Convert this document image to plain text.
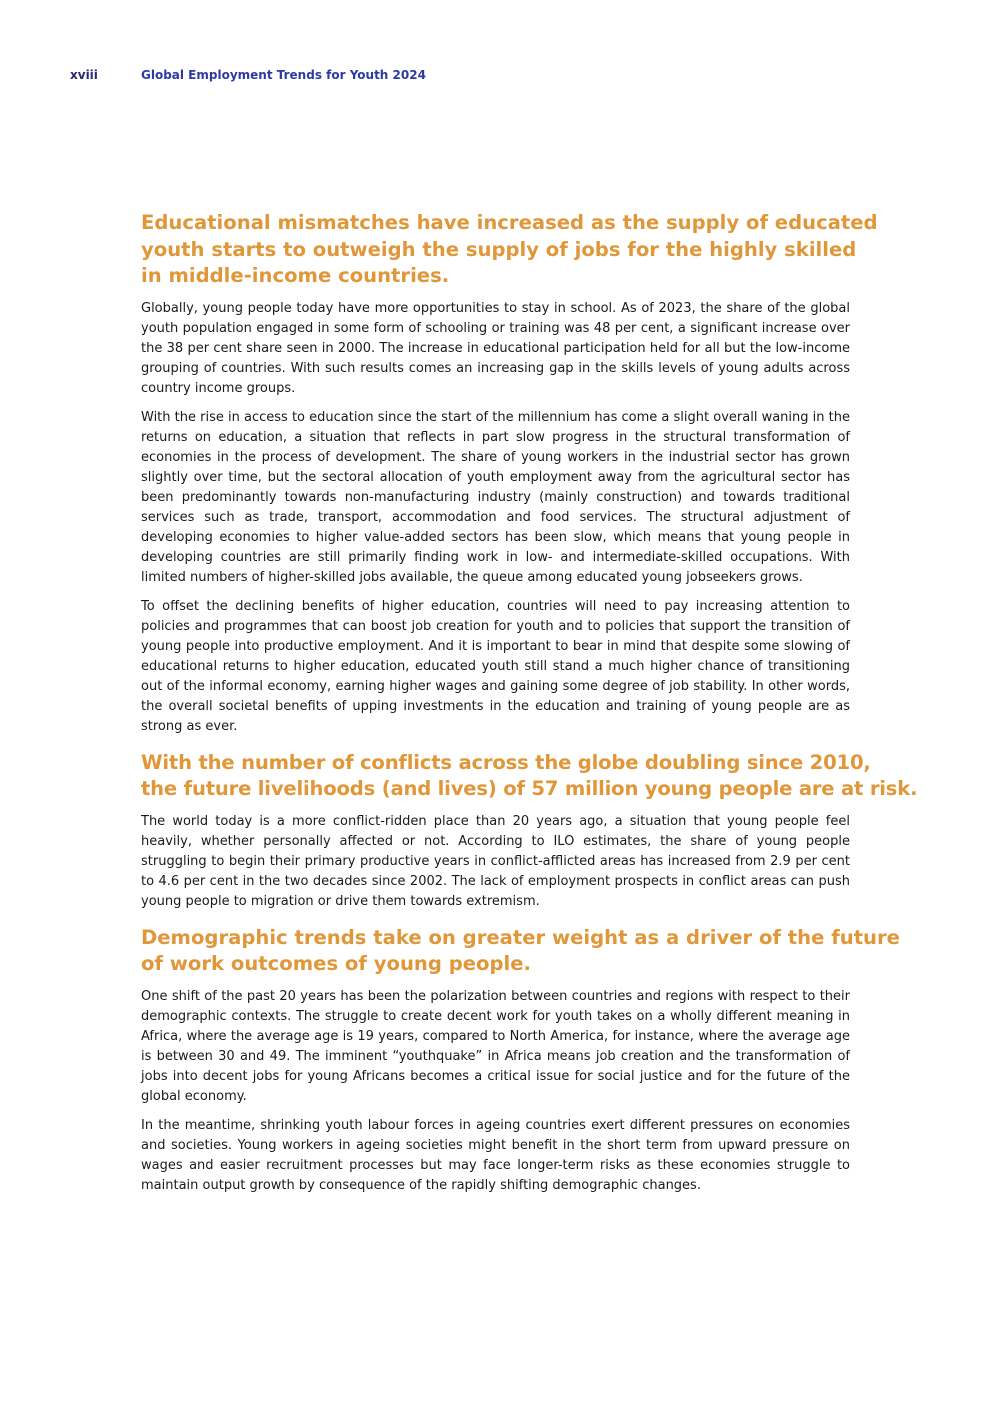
xviii	Global Employment Trends for Youth 2024
Educational mismatches have increased as the supply of educated
youth starts to outweigh the supply of jobs for the highly skilled
in middle-income countries.

Globally, young people today have more opportunities to stay in school. As of 2023, the share of the global youth population engaged in some form of schooling or training was 48 per cent, a significant increase over the 38 per cent share seen in 2000. The increase in educational participation held for all but the low-income grouping of countries. With such results comes an increasing gap in the skills levels of young adults across country income groups.

With the rise in access to education since the start of the millennium has come a slight overall waning in the returns on education, a situation that reflects in part slow progress in the structural transformation of economies in the process of development. The share of young workers in the industrial sector has grown slightly over time, but the sectoral allocation of youth employment away from the agricultural sector has been predominantly towards non-manufacturing industry (mainly construction) and towards traditional services such as trade, transport, accommodation and food services. The structural adjustment of developing economies to higher value-added sectors has been slow, which means that young people in developing countries are still primarily finding work in low- and intermediate-skilled occupations. With limited numbers of higher-skilled jobs available, the queue among educated young jobseekers grows.

To offset the declining benefits of higher education, countries will need to pay increasing attention to policies and programmes that can boost job creation for youth and to policies that support the transition of young people into productive employment. And it is important to bear in mind that despite some slowing of educational returns to higher education, educated youth still stand a much higher chance of transitioning out of the informal economy, earning higher wages and gaining some degree of job stability. In other words, the overall societal benefits of upping investments in the education and training of young people are as strong as ever.

With the number of conflicts across the globe doubling since 2010,
the future livelihoods (and lives) of 57 million young people are at risk.

The world today is a more conflict-ridden place than 20 years ago, a situation that young people feel heavily, whether personally affected or not. According to ILO estimates, the share of young people struggling to begin their primary productive years in conflict-afflicted areas has increased from 2.9 per cent to 4.6 per cent in the two decades since 2002. The lack of employment prospects in conflict areas can push young people to migration or drive them towards extremism.

Demographic trends take on greater weight as a driver of the future
of work outcomes of young people.

One shift of the past 20 years has been the polarization between countries and regions with respect to their demographic contexts. The struggle to create decent work for youth takes on a wholly different meaning in Africa, where the average age is 19 years, compared to North America, for instance, where the average age is between 30 and 49. The imminent “youthquake” in Africa means job creation and the transformation of jobs into decent jobs for young Africans becomes a critical issue for social justice and for the future of the global economy.

In the meantime, shrinking youth labour forces in ageing countries exert different pressures on economies and societies. Young workers in ageing societies might benefit in the short term from upward pressure on wages and easier recruitment processes but may face longer-term risks as these economies struggle to maintain output growth by consequence of the rapidly shifting demographic changes.
